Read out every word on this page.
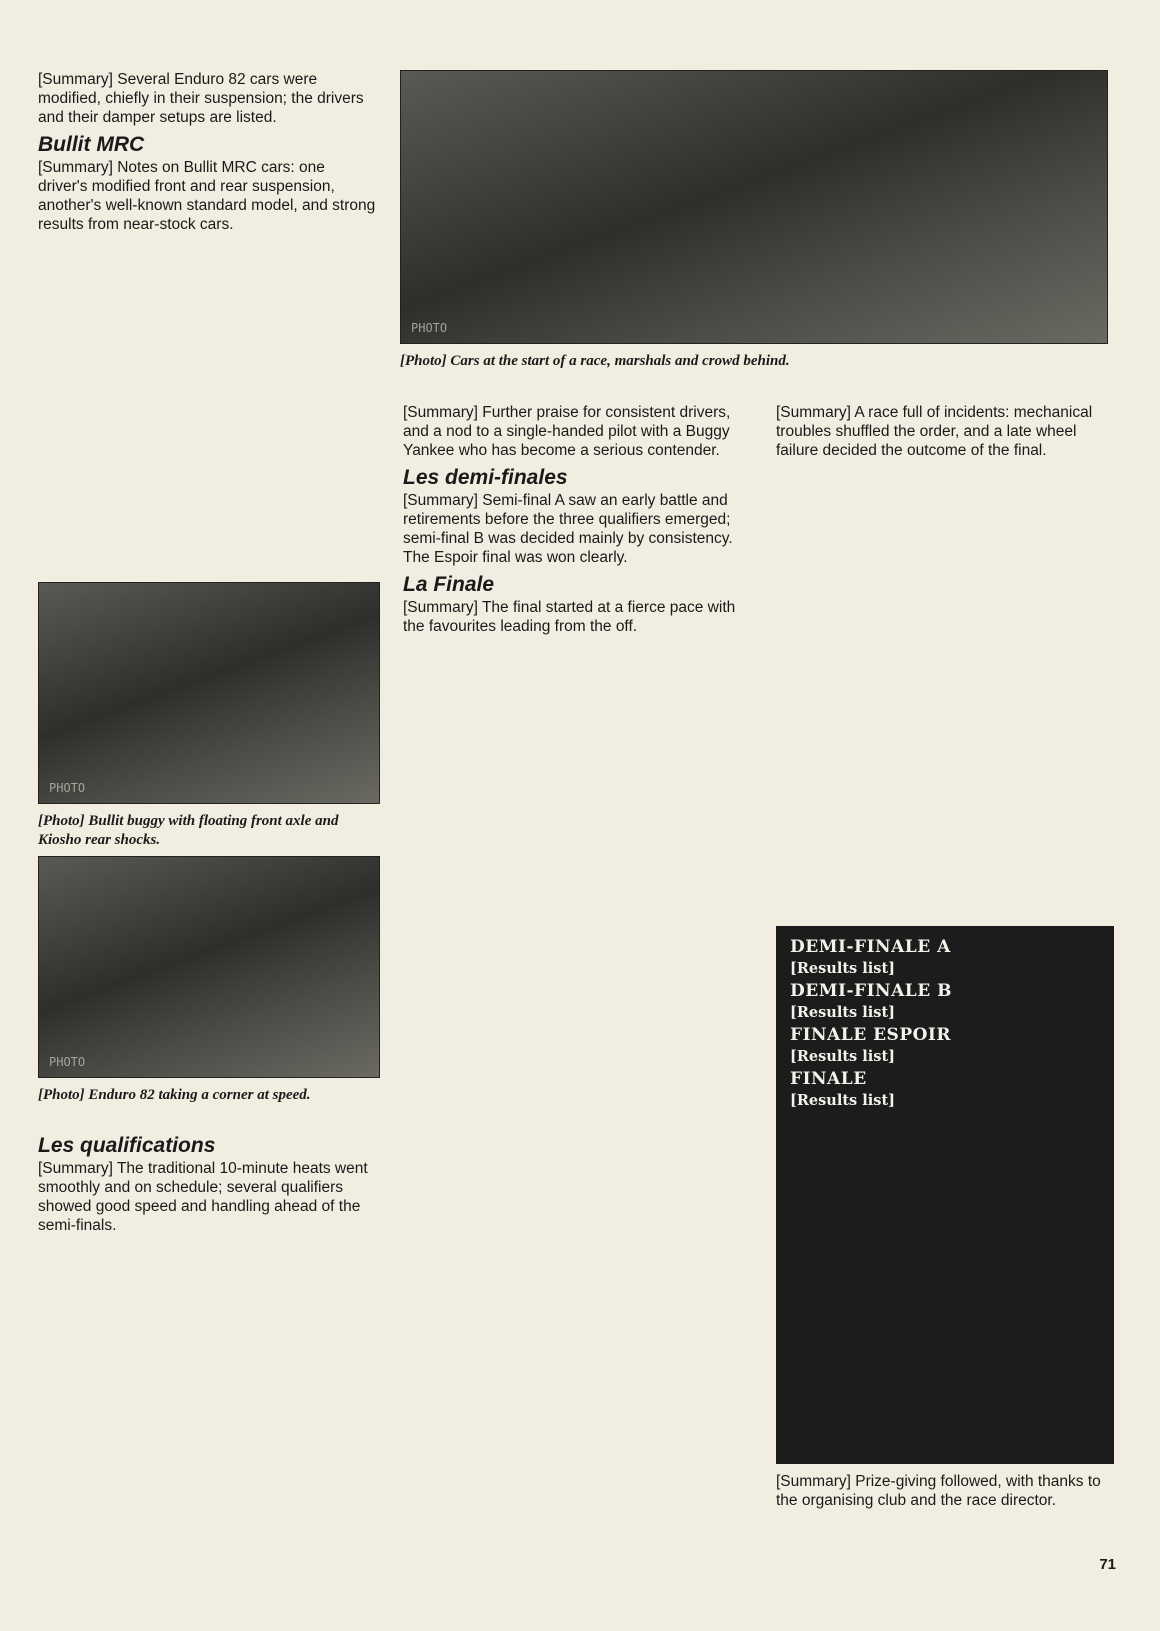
[Summary] Several Enduro 82 cars were modified, chiefly in their suspension; the drivers and their damper setups are listed.

Bullit MRC

[Summary] Notes on Bullit MRC cars: one driver's modified front and rear suspension, another's well-known standard model, and strong results from near-stock cars.

PHOTO
[Photo] Cars at the start of a race, marshals and crowd behind.
PHOTO
[Photo] Bullit buggy with floating front axle and Kiosho rear shocks.
PHOTO
[Photo] Enduro 82 taking a corner at speed.
Les qualifications

[Summary] The traditional 10-minute heats went smoothly and on schedule; several qualifiers showed good speed and handling ahead of the semi-finals.

[Summary] Further praise for consistent drivers, and a nod to a single-handed pilot with a Buggy Yankee who has become a serious contender.

Les demi-finales

[Summary] Semi-final A saw an early battle and retirements before the three qualifiers emerged; semi-final B was decided mainly by consistency. The Espoir final was won clearly.

La Finale

[Summary] The final started at a fierce pace with the favourites leading from the off.

[Summary] A race full of incidents: mechanical troubles shuffled the order, and a late wheel failure decided the outcome of the final.

DEMI-FINALE A

[Results list]

DEMI-FINALE B

[Results list]

FINALE ESPOIR

[Results list]

FINALE

[Results list]

[Summary] Prize-giving followed, with thanks to the organising club and the race director.

71
